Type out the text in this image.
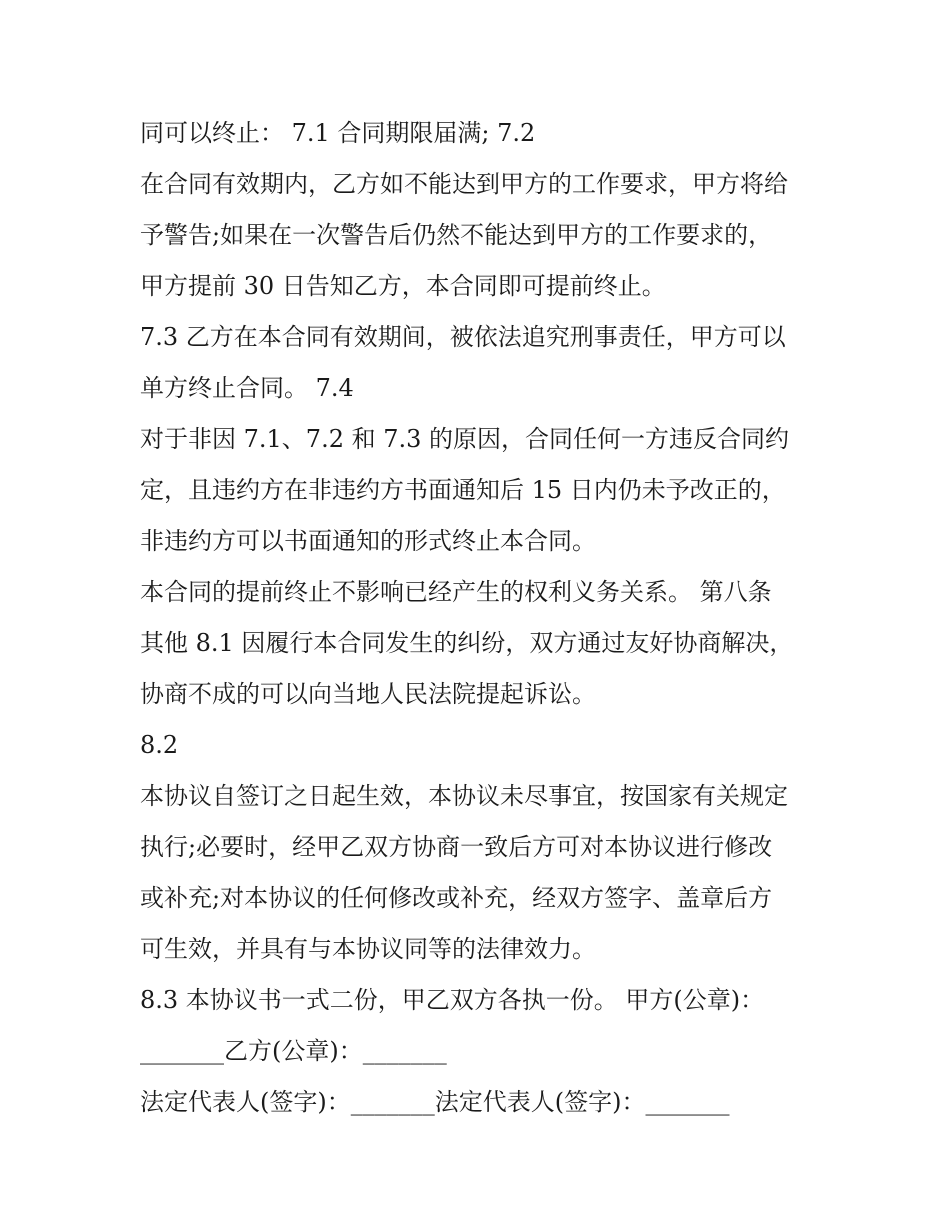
同可以终止： 7.1 合同期限届满; 7.2
在合同有效期内，乙方如不能达到甲方的工作要求，甲方将给
予警告;如果在一次警告后仍然不能达到甲方的工作要求的，
甲方提前 30 日告知乙方，本合同即可提前终止。
7.3 乙方在本合同有效期间，被依法追究刑事责任，甲方可以
单方终止合同。 7.4
对于非因 7.1、7.2 和 7.3 的原因，合同任何一方违反合同约
定，且违约方在非违约方书面通知后 15 日内仍未予改正的，
非违约方可以书面通知的形式终止本合同。
本合同的提前终止不影响已经产生的权利义务关系。 第八条
其他 8.1 因履行本合同发生的纠纷，双方通过友好协商解决，
协商不成的可以向当地人民法院提起诉讼。
8.2
本协议自签订之日起生效，本协议未尽事宜，按国家有关规定
执行;必要时，经甲乙双方协商一致后方可对本协议进行修改
或补充;对本协议的任何修改或补充，经双方签字、盖章后方
可生效，并具有与本协议同等的法律效力。
8.3 本协议书一式二份，甲乙双方各执一份。 甲方(公章)：
_______乙方(公章)：_______
法定代表人(签字)：_______法定代表人(签字)：_______
